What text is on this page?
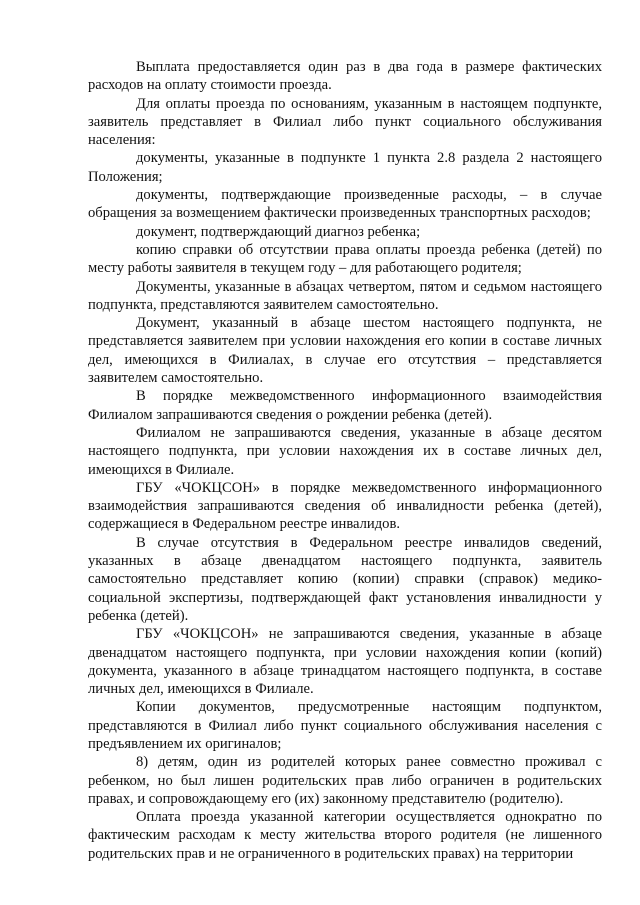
Выплата предоставляется один раз в два года в размере фактических расходов на оплату стоимости проезда.

Для оплаты проезда по основаниям, указанным в настоящем подпункте, заявитель представляет в Филиал либо пункт социального обслуживания населения:

документы, указанные в подпункте 1 пункта 2.8 раздела 2 настоящего Положения;

документы, подтверждающие произведенные расходы, – в случае обращения за возмещением фактически произведенных транспортных расходов;

документ, подтверждающий диагноз ребенка;

копию справки об отсутствии права оплаты проезда ребенка (детей) по месту работы заявителя в текущем году – для работающего родителя;

Документы, указанные в абзацах четвертом, пятом и седьмом настоящего подпункта, представляются заявителем самостоятельно.

Документ, указанный в абзаце шестом настоящего подпункта, не представляется заявителем при условии нахождения его копии в составе личных дел, имеющихся в Филиалах, в случае его отсутствия – представляется заявителем самостоятельно.

В порядке межведомственного информационного взаимодействия Филиалом запрашиваются сведения о рождении ребенка (детей).

Филиалом не запрашиваются сведения, указанные в абзаце десятом настоящего подпункта, при условии нахождения их в составе личных дел, имеющихся в Филиале.

ГБУ «ЧОКЦСОН» в порядке межведомственного информационного взаимодействия запрашиваются сведения об инвалидности ребенка (детей), содержащиеся в Федеральном реестре инвалидов.

В случае отсутствия в Федеральном реестре инвалидов сведений, указанных в абзаце двенадцатом настоящего подпункта, заявитель самостоятельно представляет копию (копии) справки (справок) медико-социальной экспертизы, подтверждающей факт установления инвалидности у ребенка (детей).

ГБУ «ЧОКЦСОН» не запрашиваются сведения, указанные в абзаце двенадцатом настоящего подпункта, при условии нахождения копии (копий) документа, указанного в абзаце тринадцатом настоящего подпункта, в составе личных дел, имеющихся в Филиале.

Копии документов, предусмотренные настоящим подпунктом, представляются в Филиал либо пункт социального обслуживания населения с предъявлением их оригиналов;

8) детям, один из родителей которых ранее совместно проживал с ребенком, но был лишен родительских прав либо ограничен в родительских правах, и сопровождающему его (их) законному представителю (родителю).

Оплата проезда указанной категории осуществляется однократно по фактическим расходам к месту жительства второго родителя (не лишенного родительских прав и не ограниченного в родительских правах) на территории
